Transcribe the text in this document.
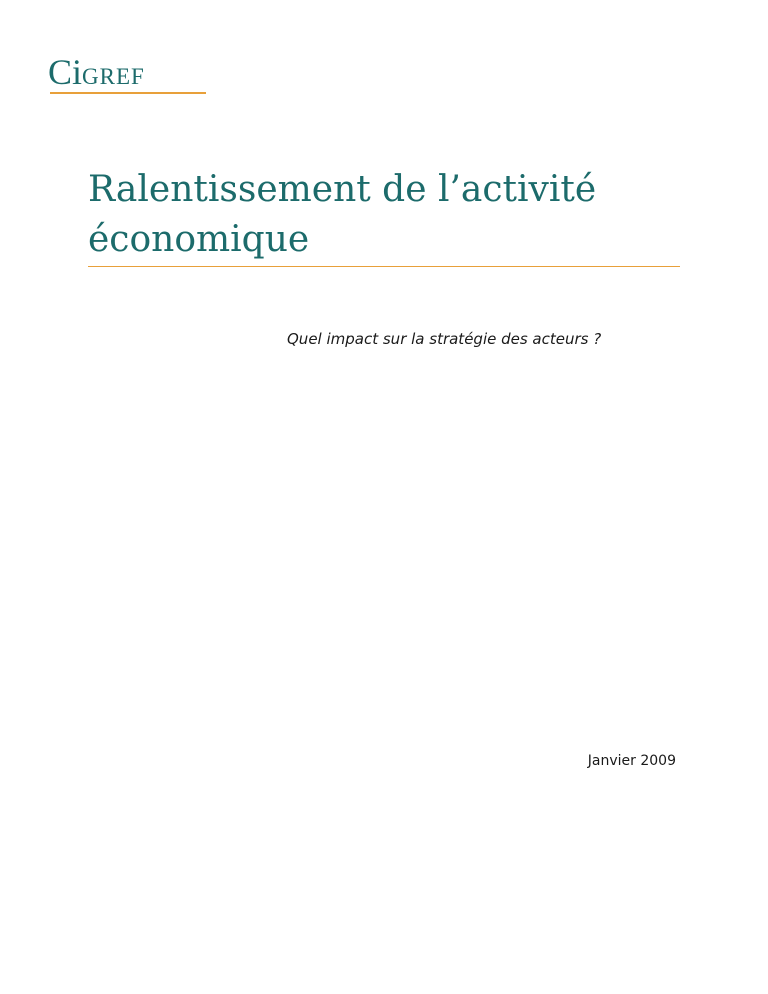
CiGREF
Ralentissement de l’activité
économique
Quel impact sur la stratégie des acteurs ?
Janvier 2009
